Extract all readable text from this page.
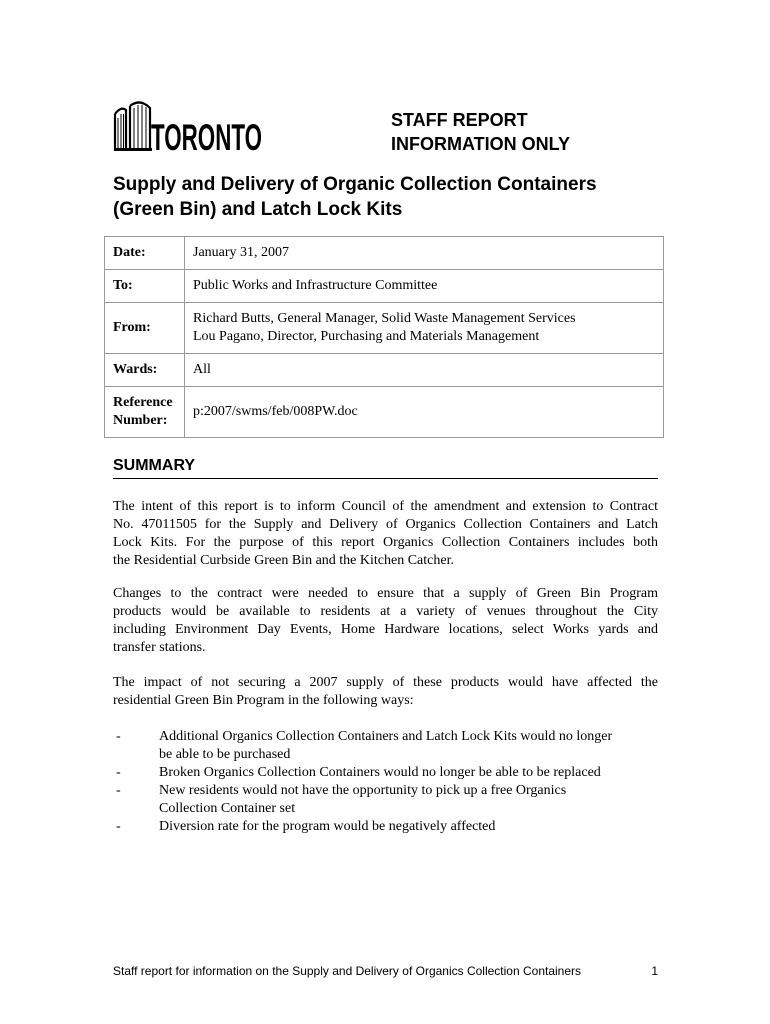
TORONTO	STAFF REPORT
INFORMATION ONLY
Supply and Delivery of Organic Collection Containers
(Green Bin) and Latch Lock Kits
Date:	January 31, 2007
To:	Public Works and Infrastructure Committee
From:	Richard Butts, General Manager, Solid Waste Management Services
Lou Pagano, Director, Purchasing and Materials Management

Wards:	All

Reference
Number:	p:2007/swms/feb/008PW.doc
SUMMARY
The intent of this report is to inform Council of the amendment and extension to Contract
No. 47011505 for the Supply and Delivery of Organics Collection Containers and Latch
Lock Kits. For the purpose of this report Organics Collection Containers includes both
the Residential Curbside Green Bin and the Kitchen Catcher.
Changes to the contract were needed to ensure that a supply of Green Bin Program
products would be available to residents at a variety of venues throughout the City
including Environment Day Events, Home Hardware locations, select Works yards and
transfer stations.
The impact of not securing a 2007 supply of these products would have affected the
residential Green Bin Program in the following ways:
-	Additional Organics Collection Containers and Latch Lock Kits would no longer
be able to be purchased
-	Broken Organics Collection Containers would no longer be able to be replaced
-	New residents would not have the opportunity to pick up a free Organics
Collection Container set
-	Diversion rate for the program would be negatively affected
Staff report for information on the Supply and Delivery of Organics Collection Containers	1
